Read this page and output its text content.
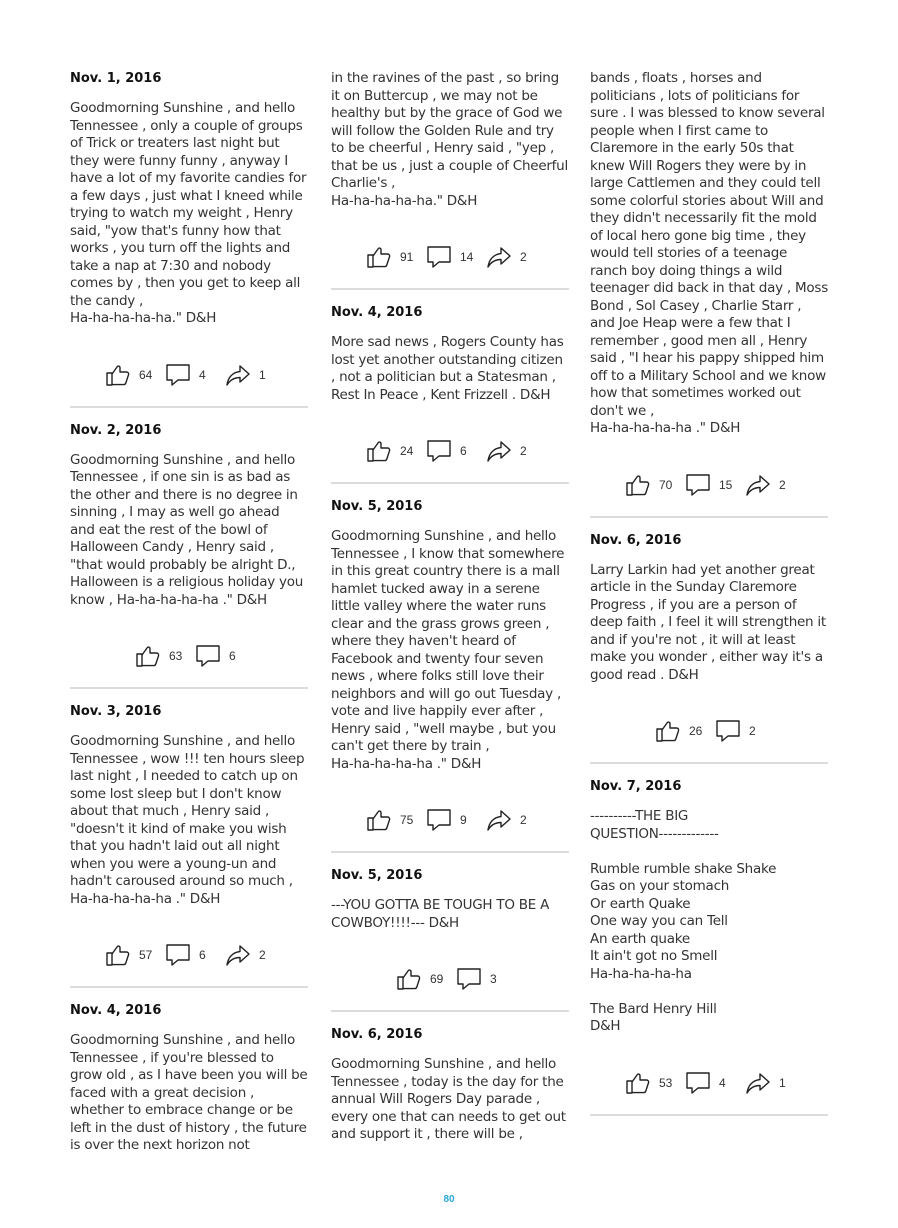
Nov. 1, 2016

Goodmorning Sunshine , and hello Tennessee , only a couple of groups of Trick or treaters last night but they were funny funny , anyway I have a lot of my favorite candies for a few days , just what I kneed while trying to watch my weight , Henry said, "yow that's funny how that works , you turn off the lights and take a nap at 7:30 and nobody comes by , then you get to keep all the candy ,
Ha-ha-ha-ha-ha." D&H

64	4	1
Nov. 2, 2016

Goodmorning Sunshine , and hello Tennessee , if one sin is as bad as the other and there is no degree in sinning , I may as well go ahead and eat the rest of the bowl of Halloween Candy , Henry said , "that would probably be alright D., Halloween is a religious holiday you know , Ha-ha-ha-ha-ha ." D&H

63	6
Nov. 3, 2016

Goodmorning Sunshine , and hello Tennessee , wow !!! ten hours sleep last night , I needed to catch up on some lost sleep but I don't know about that much , Henry said , "doesn't it kind of make you wish that you hadn't laid out all night when you were a young-un and hadn't caroused around so much ,
Ha-ha-ha-ha-ha ." D&H

57	6	2
Nov. 4, 2016

Goodmorning Sunshine , and hello Tennessee , if you're blessed to grow old , as I have been you will be faced with a great decision , whether to embrace change or be left in the dust of history , the future is over the next horizon not

in the ravines of the past , so bring it on Buttercup , we may not be healthy but by the grace of God we will follow the Golden Rule and try to be cheerful , Henry said , "yep , that be us , just a couple of Cheerful Charlie's ,
Ha-ha-ha-ha-ha." D&H

91	14	2
Nov. 4, 2016

More sad news , Rogers County has lost yet another outstanding citizen , not a politician but a Statesman , Rest In Peace , Kent Frizzell . D&H

24	6	2
Nov. 5, 2016

Goodmorning Sunshine , and hello Tennessee , I know that somewhere in this great country there is a mall hamlet tucked away in a serene little valley where the water runs clear and the grass grows green , where they haven't heard of Facebook and twenty four seven news , where folks still love their neighbors and will go out Tuesday , vote and live happily ever after , Henry said , "well maybe , but you can't get there by train ,
Ha-ha-ha-ha-ha ." D&H

75	9	2
Nov. 5, 2016

---YOU GOTTA BE TOUGH TO BE A COWBOY!!!!--- D&H

69	3
Nov. 6, 2016

Goodmorning Sunshine , and hello Tennessee , today is the day for the annual Will Rogers Day parade , every one that can needs to get out and support it , there will be ,

bands , floats , horses and politicians , lots of politicians for sure . I was blessed to know several people when I first came to Claremore in the early 50s that knew Will Rogers they were by in large Cattlemen and they could tell some colorful stories about Will and they didn't necessarily fit the mold of local hero gone big time , they would tell stories of a teenage ranch boy doing things a wild teenager did back in that day , Moss Bond , Sol Casey , Charlie Starr , and Joe Heap were a few that I remember , good men all , Henry said , "I hear his pappy shipped him off to a Military School and we know how that sometimes worked out don't we ,
Ha-ha-ha-ha-ha ." D&H

70	15	2
Nov. 6, 2016

Larry Larkin had yet another great article in the Sunday Claremore Progress , if you are a person of deep faith , I feel it will strengthen it and if you're not , it will at least make you wonder , either way it's a good read . D&H

26	2
Nov. 7, 2016

----------THE BIG
QUESTION-------------

Rumble rumble shake Shake
Gas on your stomach
Or earth Quake
One way you can Tell
An earth quake
It ain't got no Smell
Ha-ha-ha-ha-ha

The Bard Henry Hill
D&H

53	4	1
80
